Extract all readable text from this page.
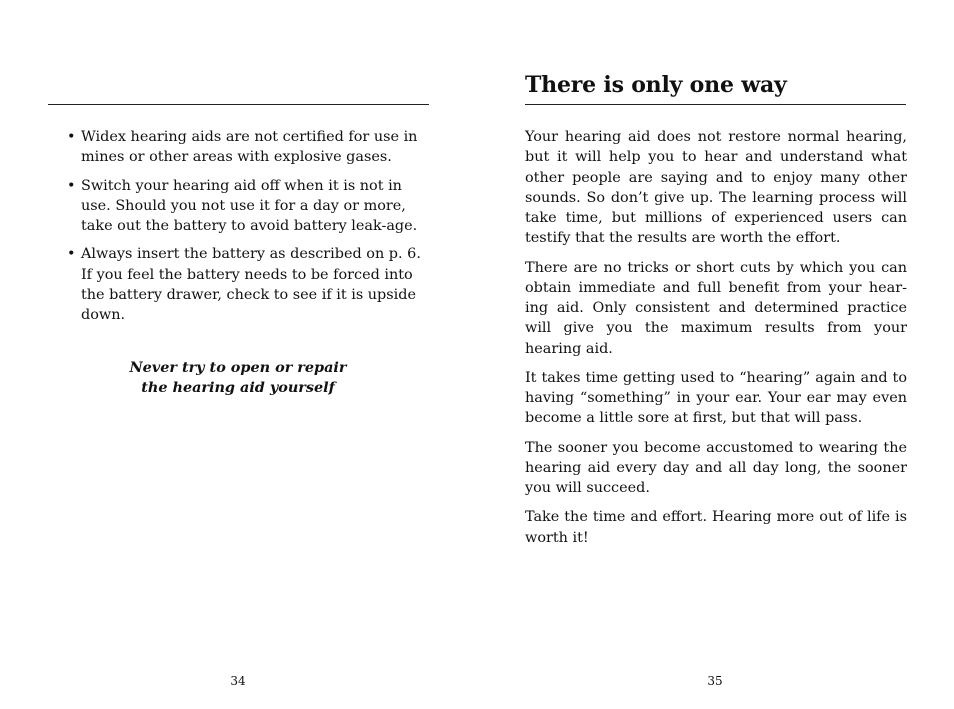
• Widex hearing aids are not certified for use in mines or other areas with explosive gases.
• Switch your hearing aid off when it is not in use. Should you not use it for a day or more, take out the battery to avoid battery leak-age.
• Always insert the battery as described on p. 6. If you feel the battery needs to be forced into the battery drawer, check to see if it is upside down.
Never try to open or repair
the hearing aid yourself
34
There is only one way

Your hearing aid does not restore normal hearing, but it will help you to hear and understand what other people are saying and to enjoy many other sounds. So don’t give up. The learning process will take time, but millions of experienced users can testify that the results are worth the effort.

There are no tricks or short cuts by which you can obtain immediate and full benefit from your hear-ing aid. Only consistent and determined practice will give you the maximum results from your hearing aid.

It takes time getting used to “hearing” again and to having “something” in your ear. Your ear may even become a little sore at first, but that will pass.

The sooner you become accustomed to wearing the hearing aid every day and all day long, the sooner you will succeed.

Take the time and effort. Hearing more out of life is worth it!

35
